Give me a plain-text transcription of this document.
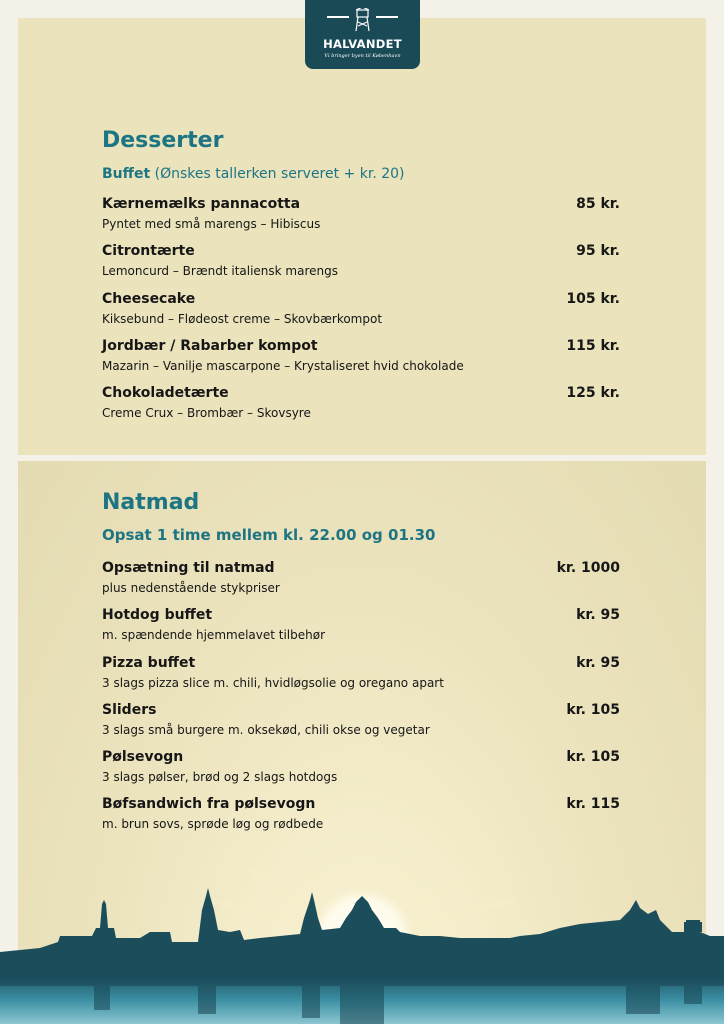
HALVANDET
Vi bringer byen til København
Desserter
Buffet (Ønskes tallerken serveret + kr. 20)
Kærnemælks pannacotta	85 kr.
Pyntet med små marengs – Hibiscus
Citrontærte	95 kr.
Lemoncurd – Brændt italiensk marengs
Cheesecake	105 kr.
Kiksebund – Flødeost creme – Skovbærkompot
Jordbær / Rabarber kompot	115 kr.
Mazarin – Vanilje mascarpone – Krystaliseret hvid chokolade
Chokoladetærte	125 kr.
Creme Crux – Brombær – Skovsyre
Natmad
Opsat 1 time mellem kl. 22.00 og 01.30
Opsætning til natmad	kr. 1000
plus nedenstående stykpriser
Hotdog buffet	kr. 95
m. spændende hjemmelavet tilbehør
Pizza buffet	kr. 95
3 slags pizza slice m. chili, hvidløgsolie og oregano apart
Sliders	kr. 105
3 slags små burgere m. oksekød, chili okse og vegetar
Pølsevogn	kr. 105
3 slags pølser, brød og 2 slags hotdogs
Bøfsandwich fra pølsevogn	kr. 115
m. brun sovs, sprøde løg og rødbede
